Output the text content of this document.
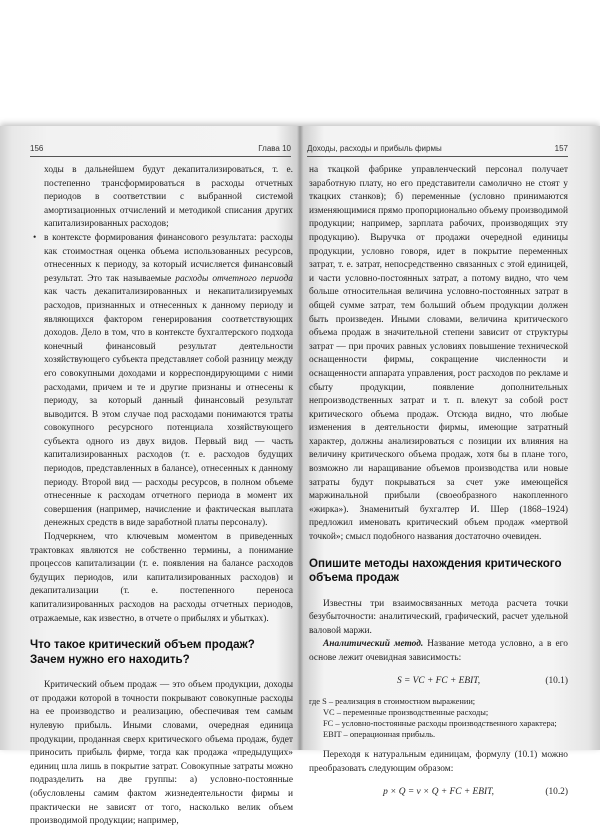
156	Глава 10

ходы в дальнейшем будут декапитализироваться, т. е. постепенно трансформироваться в расходы отчетных периодов в соответствии с выбранной системой амортизационных отчислений и методикой списания других капитализированных расходов;

• в контексте формирования финансового результата: расходы как стоимостная оценка объема использованных ресурсов, отнесенных к периоду, за который исчисляется финансовый результат. Это так называемые расходы отчетного периода как часть декапитализированных и некапитализируемых расходов, признанных и отнесенных к данному периоду и являющихся фактором генерирования соответствующих доходов. Дело в том, что в контексте бухгалтерского подхода конечный финансовый результат деятельности хозяйствующего субъекта представляет собой разницу между его совокупными доходами и корреспондирующими с ними расходами, причем и те и другие признаны и отнесены к периоду, за который данный финансовый результат выводится. В этом случае под расходами понимаются траты совокупного ресурсного потенциала хозяйствующего субъекта одного из двух видов. Первый вид — часть капитализированных расходов (т. е. расходов будущих периодов, представленных в балансе), отнесенных к данному периоду. Второй вид — расходы ресурсов, в полном объеме отнесенные к расходам отчетного периода в момент их совершения (например, начисление и фактическая выплата денежных средств в виде заработной платы персоналу).

Подчеркнем, что ключевым моментом в приведенных трактовках являются не собственно термины, а понимание процессов капитализации (т. е. появления на балансе расходов будущих периодов, или капитализированных расходов) и декапитализации (т. е. постепенного переноса капитализированных расходов на расходы отчетных периодов, отражаемые, как известно, в отчете о прибылях и убытках).

Что такое критический объем продаж? Зачем нужно его находить?

Критический объем продаж — это объем продукции, доходы от продажи которой в точности покрывают совокупные расходы на ее производство и реализацию, обеспечивая тем самым нулевую прибыль. Иными словами, очередная единица продукции, проданная сверх критического объема продаж, будет приносить прибыль фирме, тогда как продажа «предыдущих» единиц шла лишь в покрытие затрат. Совокупные затраты можно подразделить на две группы: а) условно-постоянные (обусловлены самим фактом жизнедеятельности фирмы и практически не зависят от того, насколько велик объем производимой продукции; например,

Доходы, расходы и прибыль фирмы	157

на ткацкой фабрике управленческий персонал получает заработную плату, но его представители самолично не стоят у ткацких станков); б) переменные (условно принимаются изменяющимися прямо пропорционально объему производимой продукции; например, зарплата рабочих, производящих эту продукцию). Выручка от продажи очередной единицы продукции, условно говоря, идет в покрытие переменных затрат, т. е. затрат, непосредственно связанных с этой единицей, и части условно-постоянных затрат, а потому видно, что чем больше относительная величина условно-постоянных затрат в общей сумме затрат, тем больший объем продукции должен быть произведен. Иными словами, величина критического объема продаж в значительной степени зависит от структуры затрат — при прочих равных условиях повышение технической оснащенности фирмы, сокращение численности и оснащенности аппарата управления, рост расходов по рекламе и сбыту продукции, появление дополнительных непроизводственных затрат и т. п. влекут за собой рост критического объема продаж. Отсюда видно, что любые изменения в деятельности фирмы, имеющие затратный характер, должны анализироваться с позиции их влияния на величину критического объема продаж, хотя бы в плане того, возможно ли наращивание объемов производства или новые затраты будут покрываться за счет уже имеющейся маржинальной прибыли (своеобразного накопленного «жирка»). Знаменитый бухгалтер И. Шер (1868–1924) предложил именовать критический объем продаж «мертвой точкой»; смысл подобного названия достаточно очевиден.

Опишите методы нахождения критического объема продаж

Известны три взаимосвязанных метода расчета точки безубыточности: аналитический, графический, расчет удельной валовой маржи.

Аналитический метод. Название метода условно, а в его основе лежит очевидная зависимость:

S = VC + FC + EBIT,	(10.1)
где S – реализация в стоимостном выражении;
VC – переменные производственные расходы;
FC – условно-постоянные расходы производственного характера;
EBIT – операционная прибыль.

Переходя к натуральным единицам, формулу (10.1) можно преобразовать следующим образом:

p × Q = v × Q + FC + EBIT,	(10.2)
